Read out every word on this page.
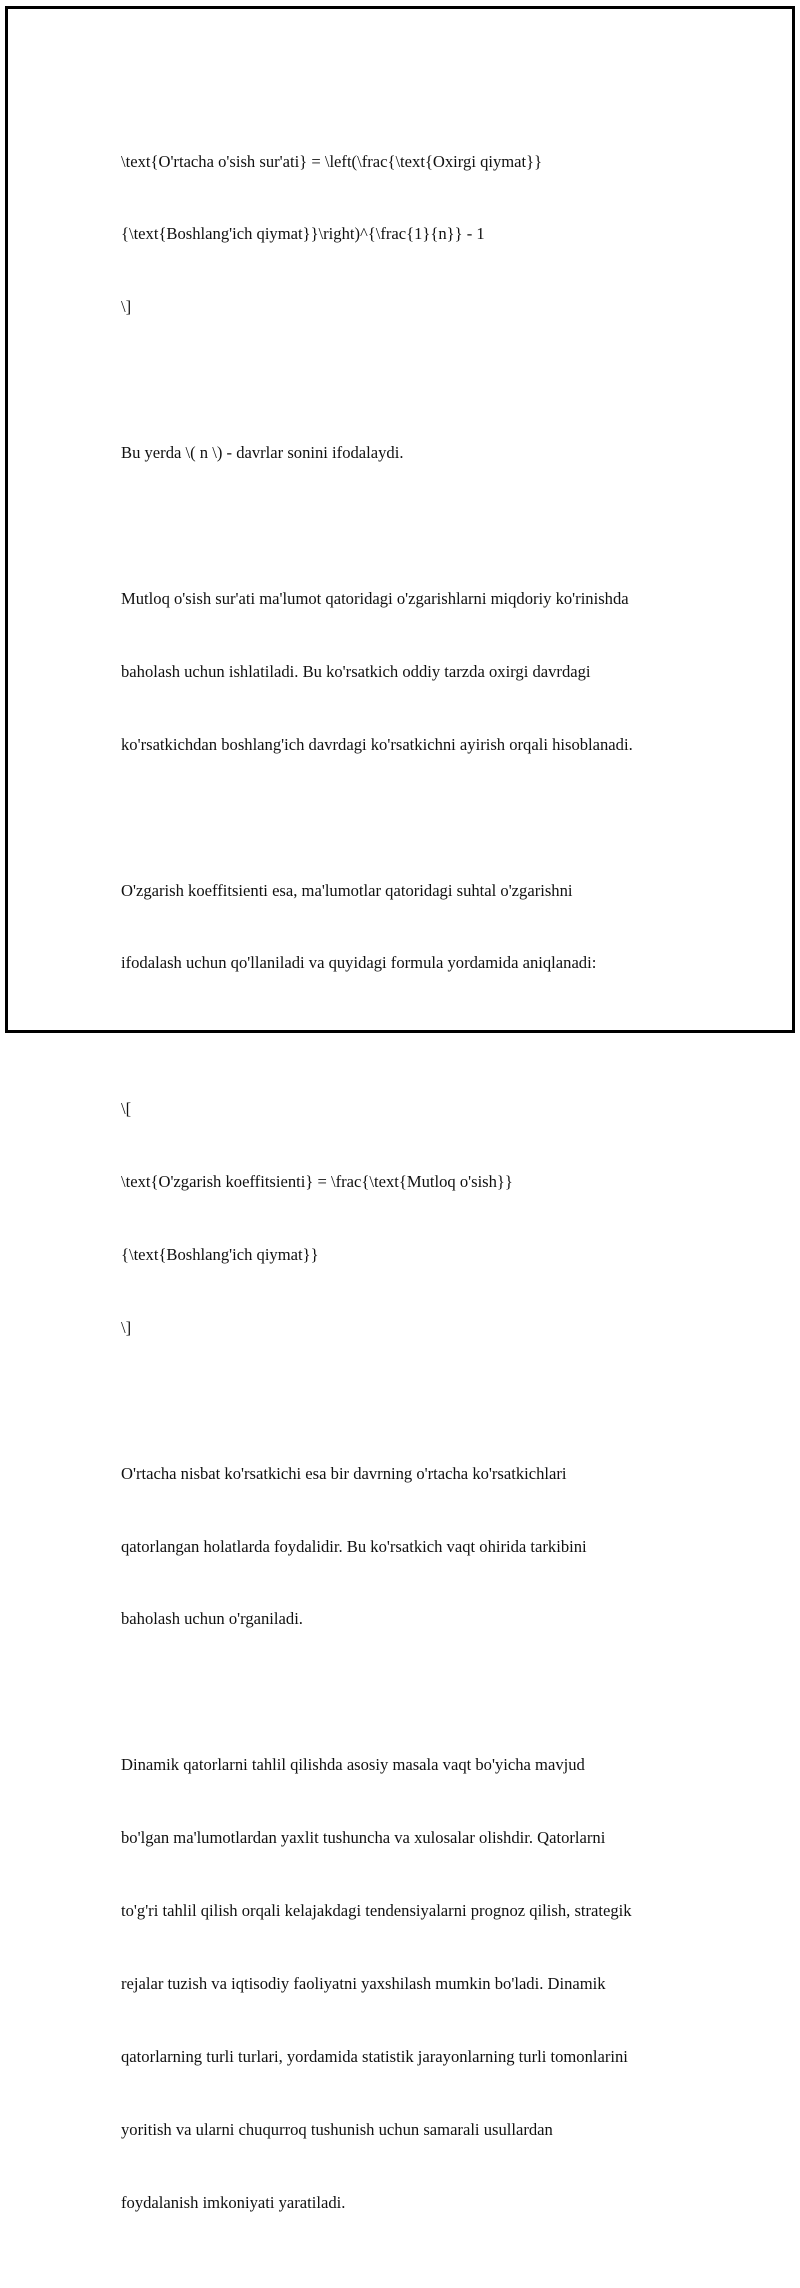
\text{O'rtacha o'sish sur'ati} = \left(\frac{\text{Oxirgi qiymat}}

{\text{Boshlang'ich qiymat}}\right)^{\frac{1}{n}} - 1

\]

Bu yerda \( n \) - davrlar sonini ifodalaydi.

Mutloq o'sish sur'ati ma'lumot qatoridagi o'zgarishlarni miqdoriy ko'rinishda

baholash uchun ishlatiladi. Bu ko'rsatkich oddiy tarzda oxirgi davrdagi

ko'rsatkichdan boshlang'ich davrdagi ko'rsatkichni ayirish orqali hisoblanadi.

O'zgarish koeffitsienti esa, ma'lumotlar qatoridagi suhtal o'zgarishni

ifodalash uchun qo'llaniladi va quyidagi formula yordamida aniqlanadi:

\[

\text{O'zgarish koeffitsienti} = \frac{\text{Mutloq o'sish}}

{\text{Boshlang'ich qiymat}}

\]

O'rtacha nisbat ko'rsatkichi esa bir davrning o'rtacha ko'rsatkichlari

qatorlangan holatlarda foydalidir. Bu ko'rsatkich vaqt ohirida tarkibini

baholash uchun o'rganiladi.

Dinamik qatorlarni tahlil qilishda asosiy masala vaqt bo'yicha mavjud

bo'lgan ma'lumotlardan yaxlit tushuncha va xulosalar olishdir. Qatorlarni

to'g'ri tahlil qilish orqali kelajakdagi tendensiyalarni prognoz qilish, strategik

rejalar tuzish va iqtisodiy faoliyatni yaxshilash mumkin bo'ladi. Dinamik

qatorlarning turli turlari, yordamida statistik jarayonlarning turli tomonlarini

yoritish va ularni chuqurroq tushunish uchun samarali usullardan

foydalanish imkoniyati yaratiladi.
